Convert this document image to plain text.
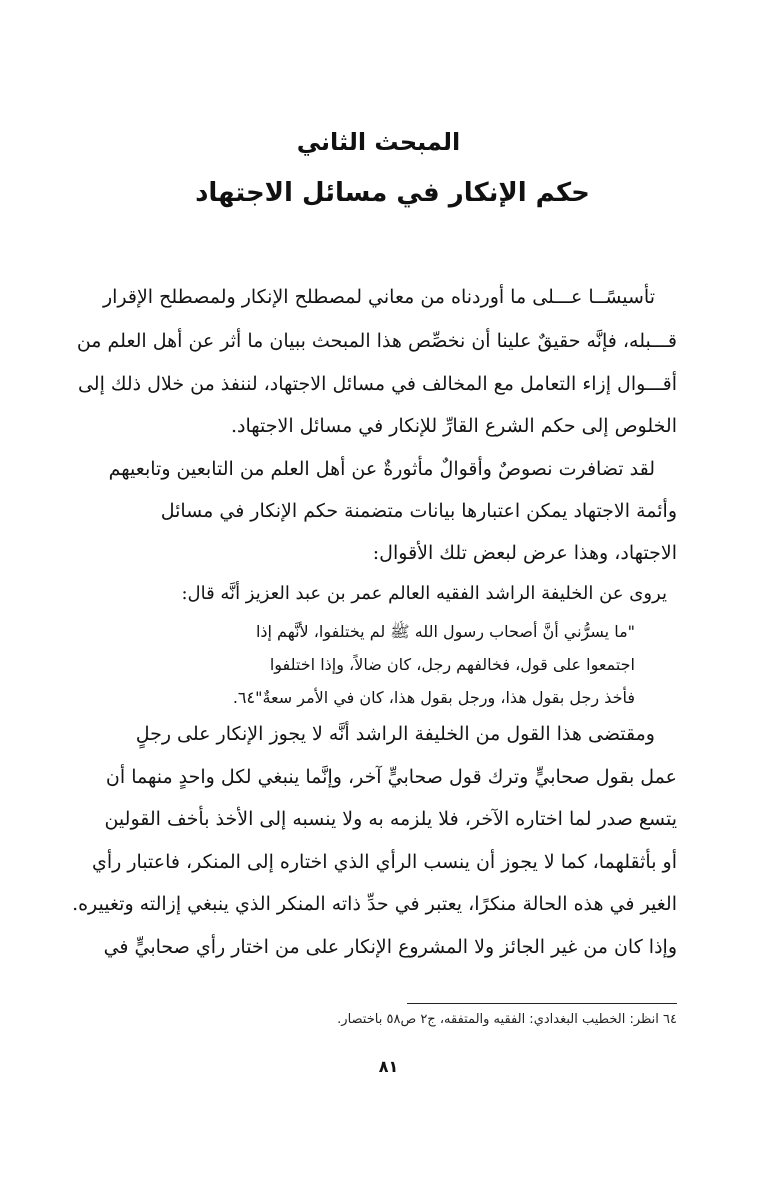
المبحث الثاني
حكم الإنكار في مسائل الاجتهاد
تأسيسًــا عـــلى ما أوردناه من معاني لمصطلح الإنكار ولمصطلح الإقرار
قـــبله، فإنَّه حقيقٌ علينا أن نخصِّص هذا المبحث ببيان ما أثر عن أهل العلم من
أقـــوال إزاء التعامل مع المخالف في مسائل الاجتهاد، لننفذ من خلال ذلك إلى
الخلوص إلى حكم الشرع القارِّ للإنكار في مسائل الاجتهاد.
لقد تضافرت نصوصٌ وأقوالٌ مأثورةٌ عن أهل العلم من التابعين وتابعيهم
وأئمة الاجتهاد يمكن اعتبارها بيانات متضمنة حكم الإنكار في مسائل
الاجتهاد، وهذا عرض لبعض تلك الأقوال:
يروى عن الخليفة الراشد الفقيه العالم عمر بن عبد العزيز أنَّه قال:
"ما يسرُّني أنَّ أصحاب رسول الله ﷺ لم يختلفوا، لأنَّهم إذا
اجتمعوا على قول، فخالفهم رجل، كان ضالاً، وإذا اختلفوا
فأخذ رجل بقول هذا، ورجل بقول هذا، كان في الأمر سعةٌ"٦٤.
ومقتضى هذا القول من الخليفة الراشد أنَّه لا يجوز الإنكار على رجلٍ
عمل بقول صحابيٍّ وترك قول صحابيٍّ آخر، وإنَّما ينبغي لكل واحدٍ منهما أن
يتسع صدر لما اختاره الآخر، فلا يلزمه به ولا ينسبه إلى الأخذ بأخف القولين
أو بأثقلهما، كما لا يجوز أن ينسب الرأي الذي اختاره إلى المنكر، فاعتبار رأي
الغير في هذه الحالة منكرًا، يعتبر في حدِّ ذاته المنكر الذي ينبغي إزالته وتغييره.
وإذا كان من غير الجائز ولا المشروع الإنكار على من اختار رأي صحابيٍّ في
٦٤ انظر: الخطيب البغدادي: الفقيه والمتفقه، ج٢ ص٥٨ باختصار.
٨١
